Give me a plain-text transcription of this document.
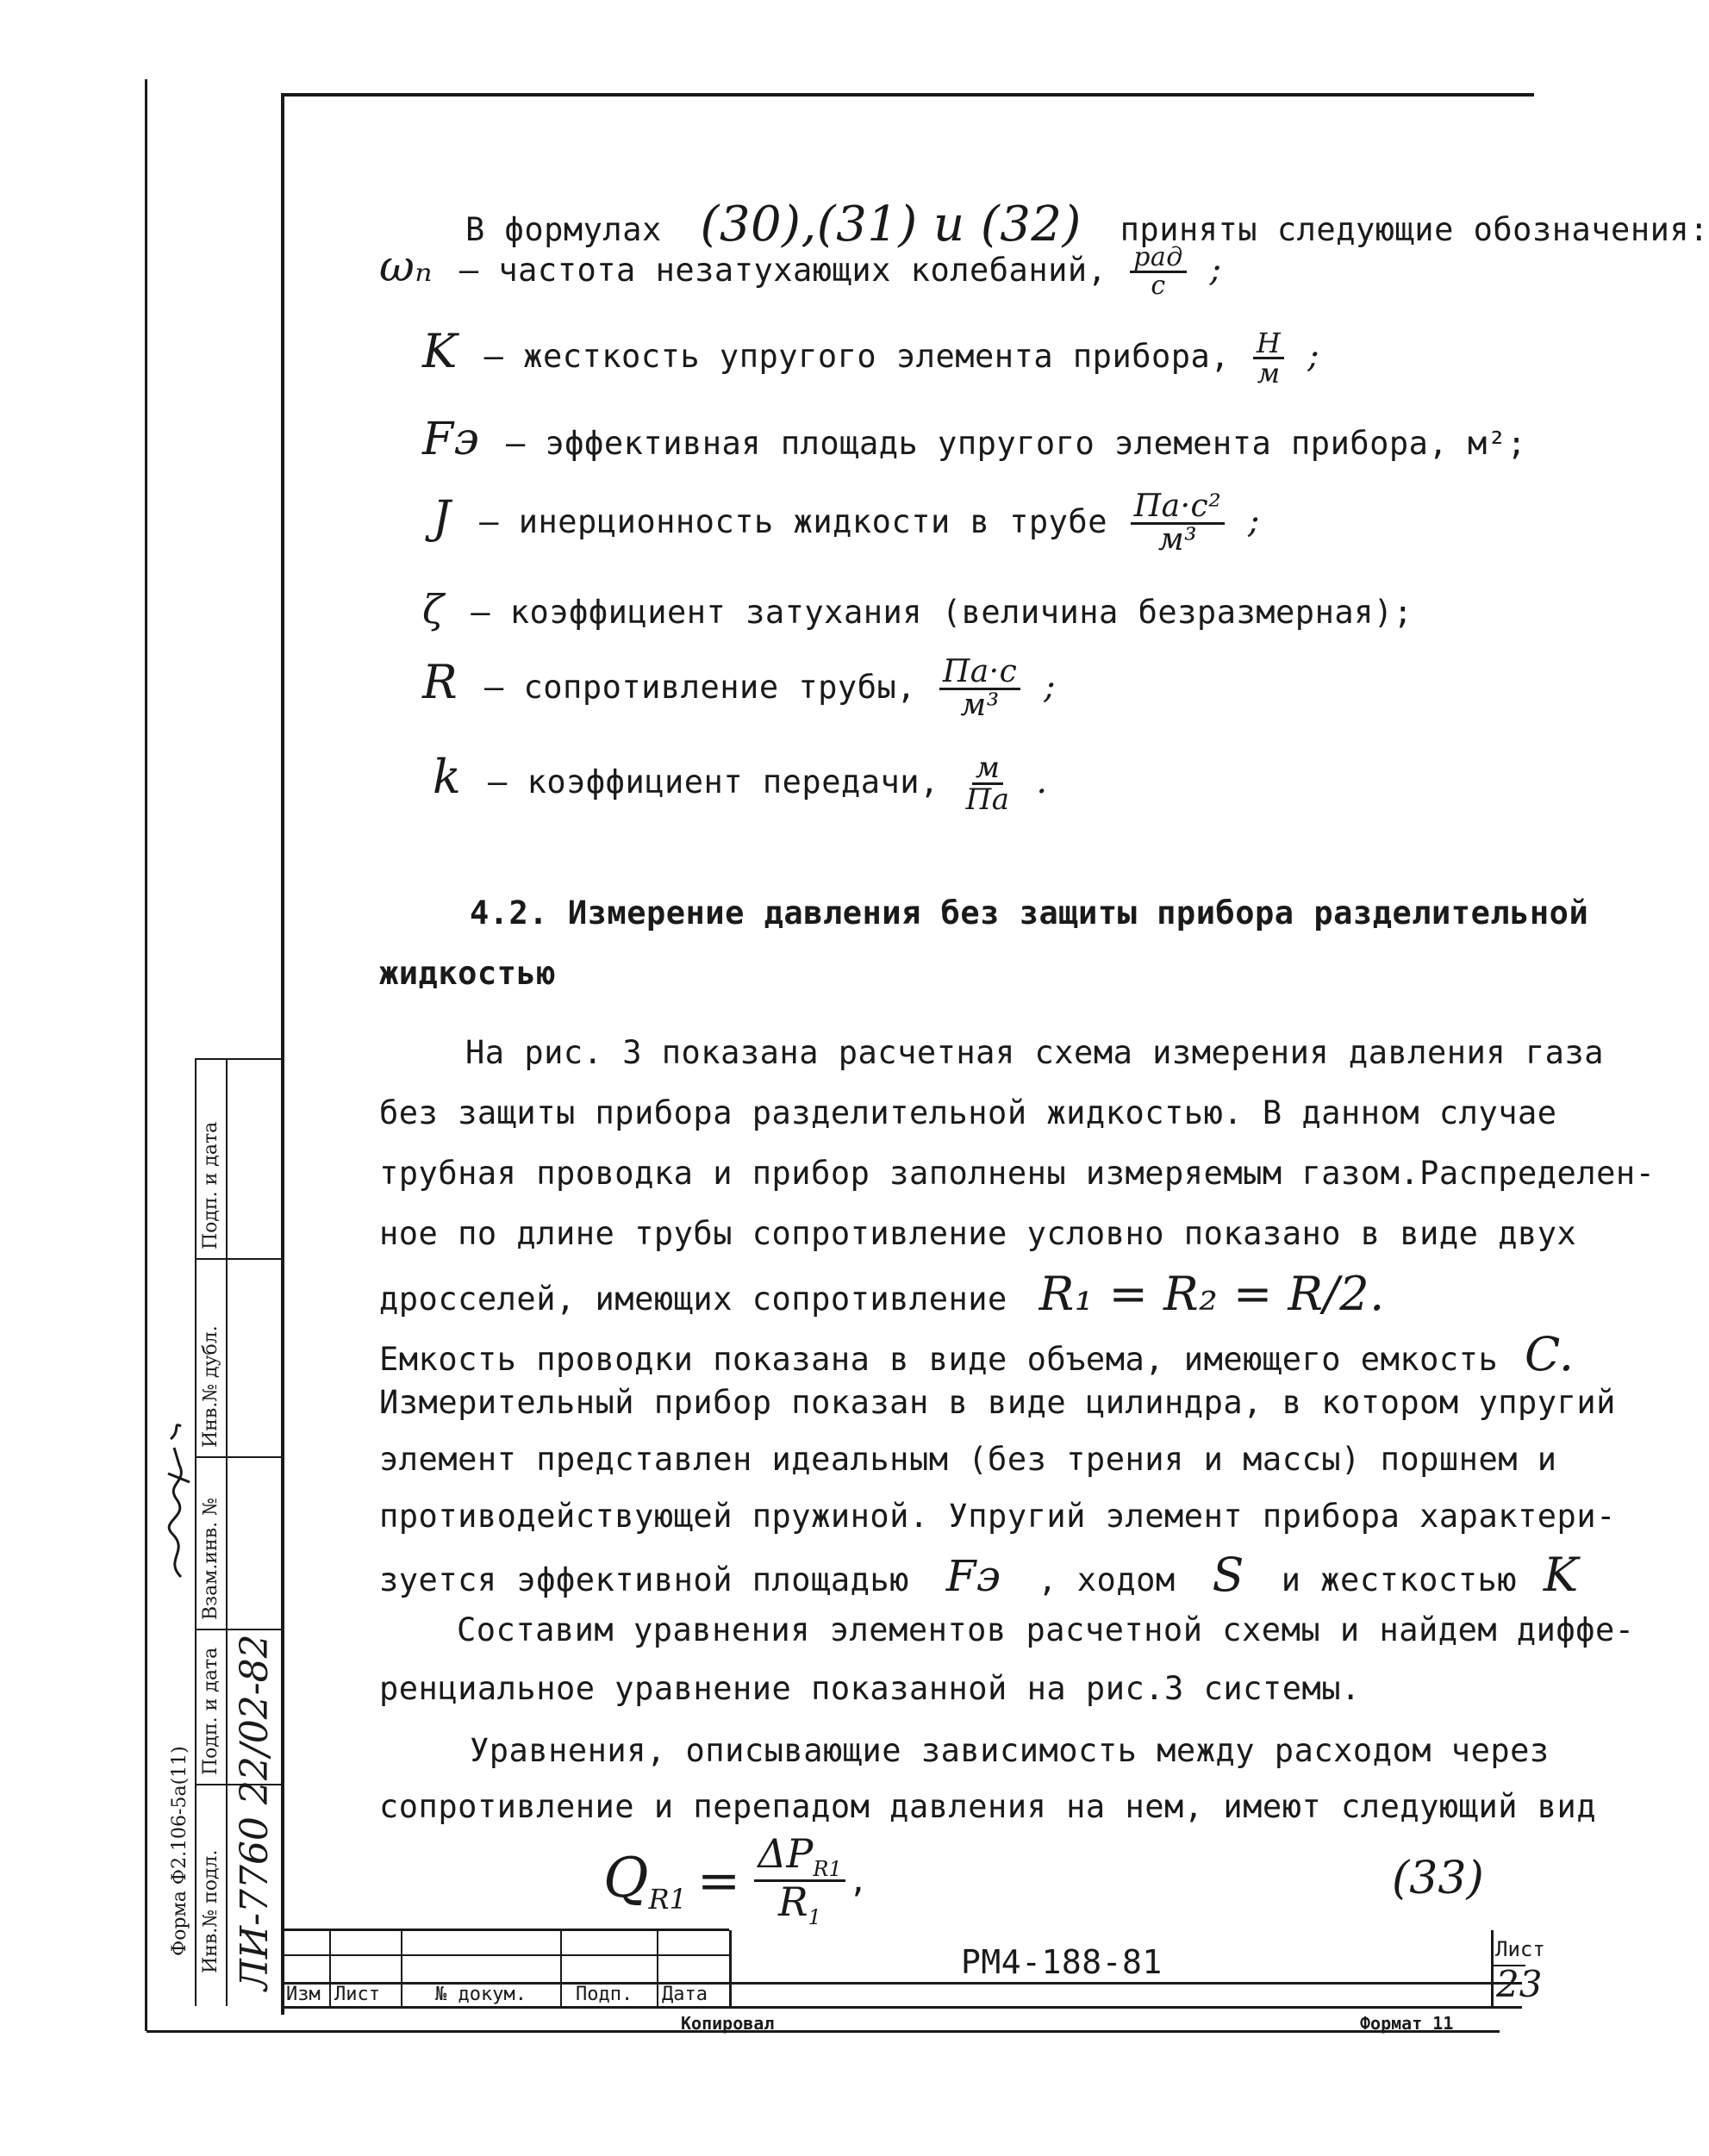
В формулах (30),(31) и (32) приняты следующие обозначения:
ωₙ – частота незатухающих колебаний, $\frac{\text{рад}}{с}$ ;
K – жесткость упругого элемента прибора, $\frac{Н}{м}$ ;
Fэ – эффективная площадь упругого элемента прибора, м²;
J – инерционность жидкости в трубе $\frac{\text{Па·с²}}{\text{м³}}$ ;
ζ – коэффициент затухания (величина безразмерная);
R – сопротивление трубы, $\frac{Па\cdot с}{\text{м³}}$ ;
k – коэффициент передачи, $\frac{м}{Па}$ .
4.2. Измерение давления без защиты прибора разделительной
жидкостью
На рис. 3 показана расчетная схема измерения давления газа
без защиты прибора разделительной жидкостью. В данном случае
трубная проводка и прибор заполнены измеряемым газом.Распределен-
ное по длине трубы сопротивление условно показано в виде двух
дросселей, имеющих сопротивление R₁ = R₂ = R/2.
Емкость проводки показана в виде объема, имеющего емкость C.
Измерительный прибор показан в виде цилиндра, в котором упругий
элемент представлен идеальным (без трения и массы) поршнем и
противодействующей пружиной. Упругий элемент прибора характери-
зуется эффективной площадью Fэ , ходом S и жесткостью K
Составим уравнения элементов расчетной схемы и найдем диффе-
ренциальное уравнение показанной на рис.3 системы.
Уравнения, описывающие зависимость между расходом через
сопротивление и перепадом давления на нем, имеют следующий вид
$Q_{R1} = \frac{\Delta P_{R1}}{R_1}$ ,	(33)
Изм Лист	№ докум.	Подп. Дата
РМ4-188-81	Лист
23
Копировал	Формат 11
Форма Ф2.106-5а(11) Инв.№ подл.
Подп. и дата
Взам.инв. №
Инв.№ дубл.
Подп. и дата
ЛИ-7760 22/02-82
